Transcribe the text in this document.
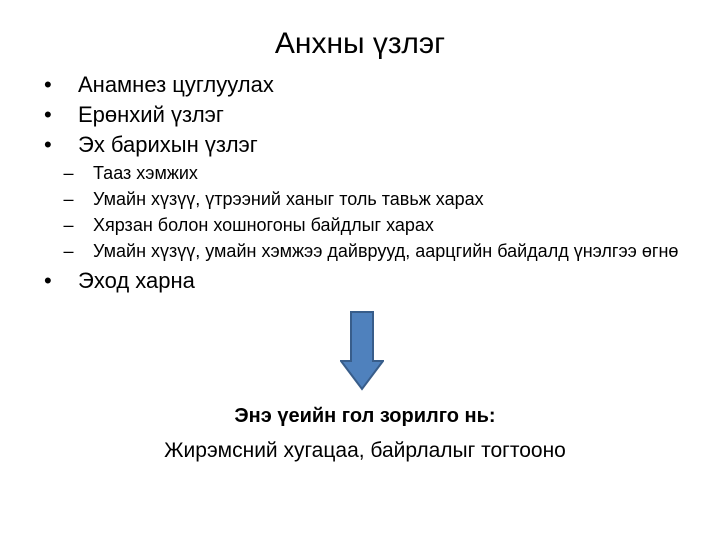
Анхны үзлэг
• Анамнез цуглуулах
• Ерөнхий үзлэг
• Эх барихын үзлэг
–	Тааз хэмжих
–	Умайн хүзүү, үтрээний ханыг толь тавьж харах
–	Хярзан болон хошногоны байдлыг харах
–	Умайн хүзүү, умайн хэмжээ дайврууд, аарцгийн байдалд үнэлгээ өгнө
• Эход харна
Энэ үеийн гол зорилго нь:
Жирэмсний хугацаа, байрлалыг тогтооно
